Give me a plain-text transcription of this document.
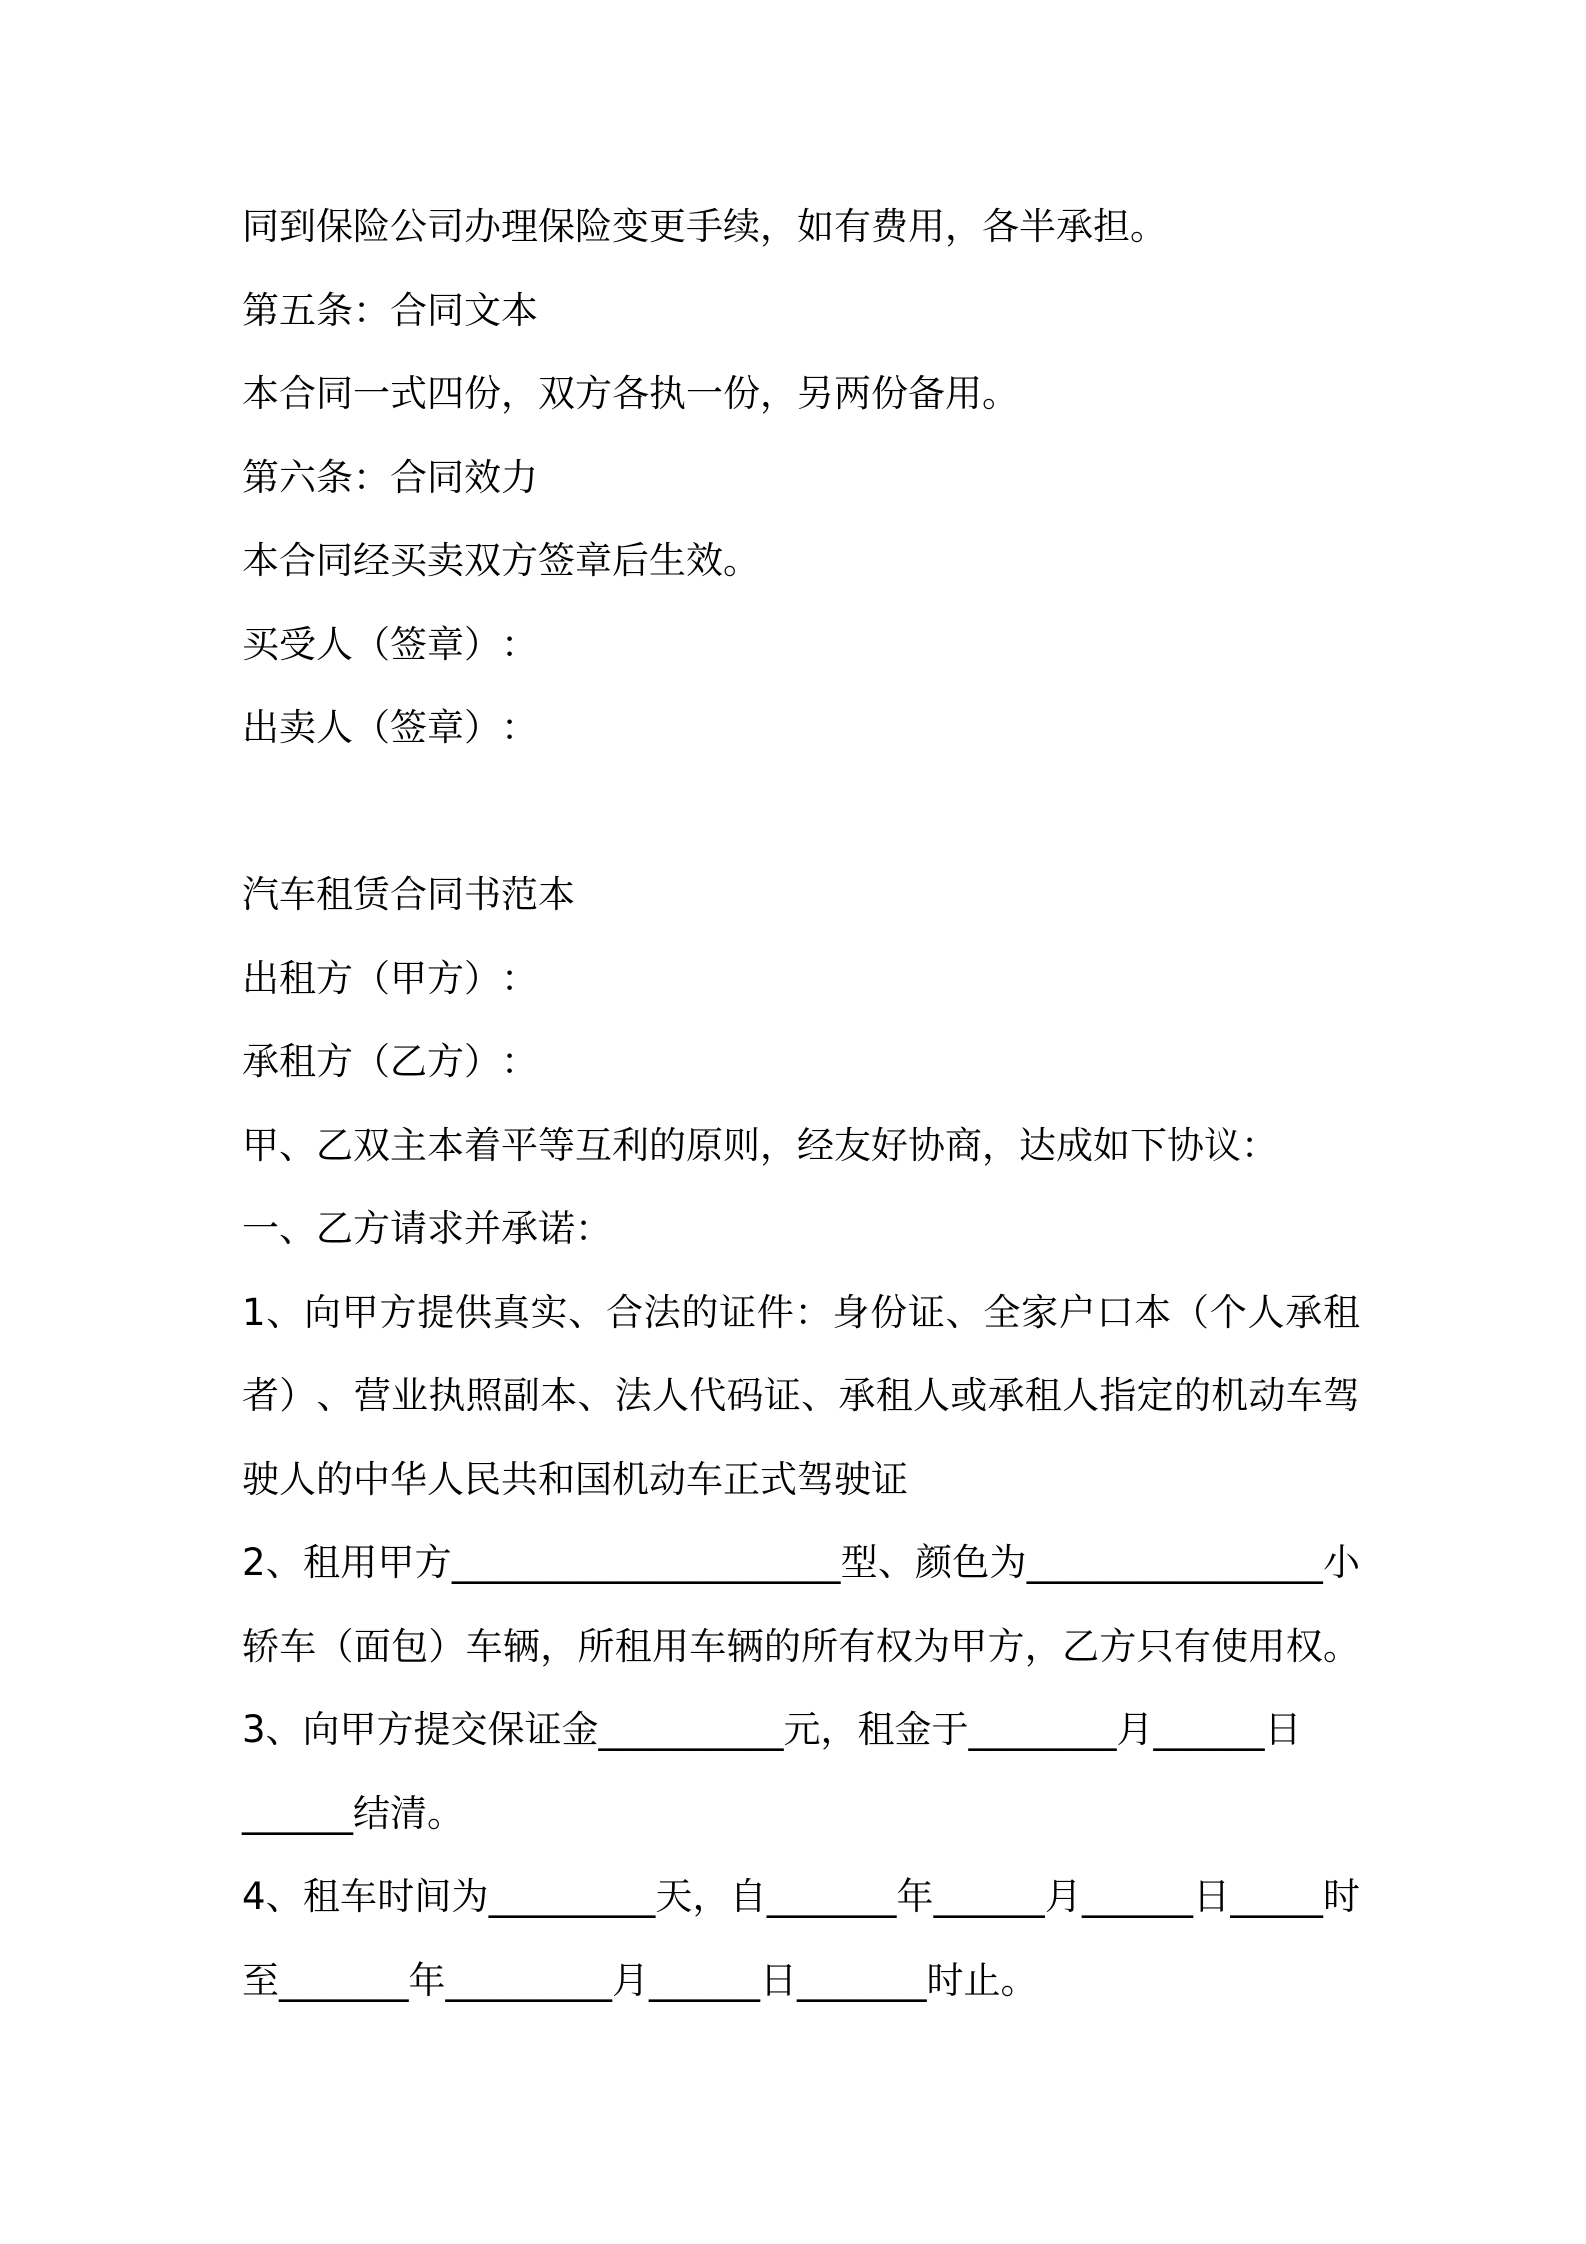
同到保险公司办理保险变更手续，如有费用，各半承担。
第五条：合同文本
本合同一式四份，双方各执一份，另两份备用。
第六条：合同效力
本合同经买卖双方签章后生效。
买受人（签章）：
出卖人（签章）：
汽车租赁合同书范本
出租方（甲方）：
承租方（乙方）：
甲、乙双主本着平等互利的原则，经友好协商，达成如下协议：
一、乙方请求并承诺：
1、向甲方提供真实、合法的证件：身份证、全家户口本（个人承租
者）、营业执照副本、法人代码证、承租人或承租人指定的机动车驾
驶人的中华人民共和国机动车正式驾驶证
2、租用甲方_____________________型、颜色为________________小
轿车（面包）车辆，所租用车辆的所有权为甲方，乙方只有使用权。
3、向甲方提交保证金__________元，租金于________月______日
______结清。
4、租车时间为_________天，自_______年______月______日_____时
至_______年_________月______日_______时止。
